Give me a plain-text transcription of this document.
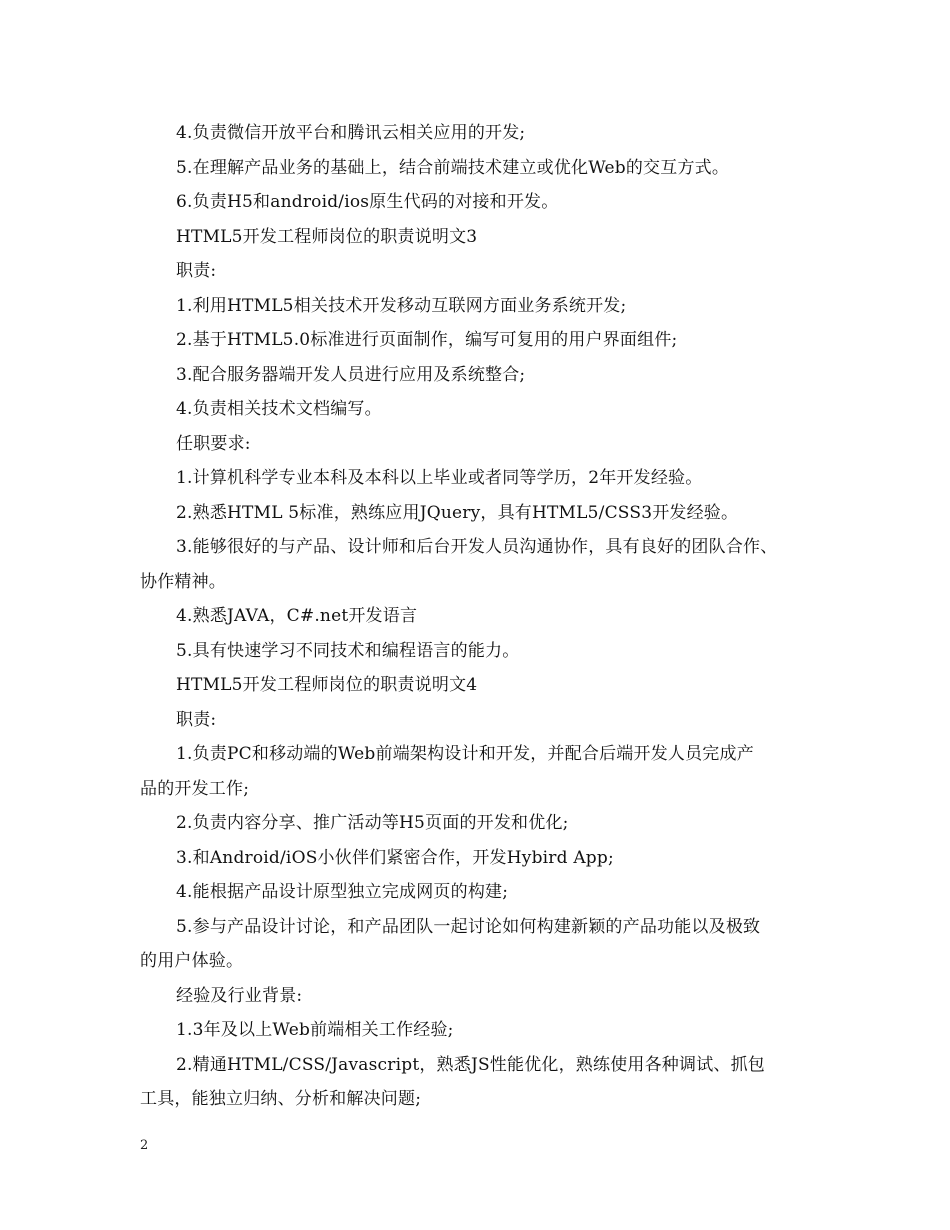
4.负责微信开放平台和腾讯云相关应用的开发;
5.在理解产品业务的基础上，结合前端技术建立或优化Web的交互方式。
6.负责H5和android/ios原生代码的对接和开发。
HTML5开发工程师岗位的职责说明文3
职责:
1.利用HTML5相关技术开发移动互联网方面业务系统开发;
2.基于HTML5.0标准进行页面制作，编写可复用的用户界面组件;
3.配合服务器端开发人员进行应用及系统整合;
4.负责相关技术文档编写。
任职要求:
1.计算机科学专业本科及本科以上毕业或者同等学历，2年开发经验。
2.熟悉HTML 5标准，熟练应用JQuery，具有HTML5/CSS3开发经验。
3.能够很好的与产品、设计师和后台开发人员沟通协作，具有良好的团队合作、
协作精神。
4.熟悉JAVA，C#.net开发语言
5.具有快速学习不同技术和编程语言的能力。
HTML5开发工程师岗位的职责说明文4
职责:
1.负责PC和移动端的Web前端架构设计和开发，并配合后端开发人员完成产
品的开发工作;
2.负责内容分享、推广活动等H5页面的开发和优化;
3.和Android/iOS小伙伴们紧密合作，开发Hybird App;
4.能根据产品设计原型独立完成网页的构建;
5.参与产品设计讨论，和产品团队一起讨论如何构建新颖的产品功能以及极致
的用户体验。
经验及行业背景:
1.3年及以上Web前端相关工作经验;
2.精通HTML/CSS/Javascript，熟悉JS性能优化，熟练使用各种调试、抓包
工具，能独立归纳、分析和解决问题;
2
